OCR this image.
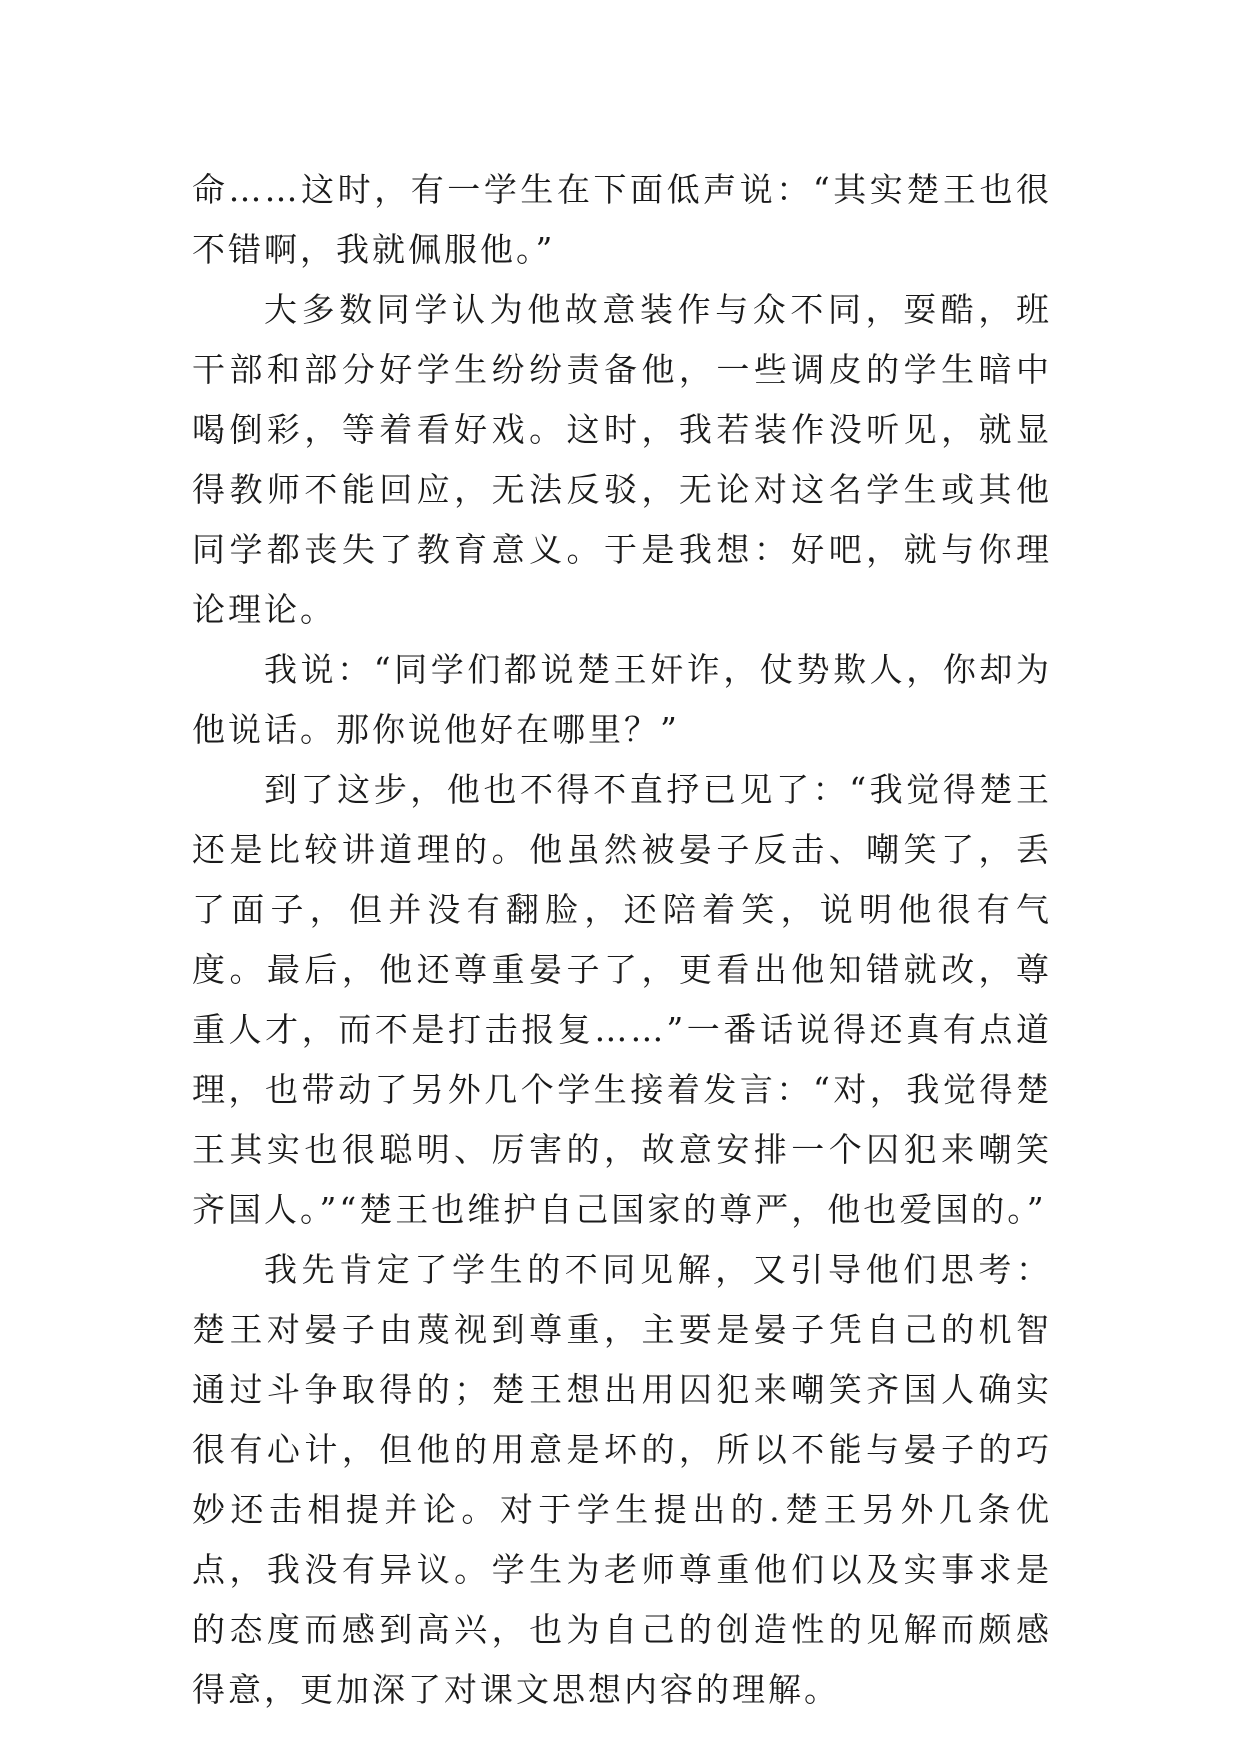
命……这时，有一学生在下面低声说：“其实楚王也很不错啊，我就佩服他。”

大多数同学认为他故意装作与众不同，耍酷，班干部和部分好学生纷纷责备他，一些调皮的学生暗中喝倒彩，等着看好戏。这时，我若装作没听见，就显得教师不能回应，无法反驳，无论对这名学生或其他同学都丧失了教育意义。于是我想：好吧，就与你理论理论。

我说：“同学们都说楚王奸诈，仗势欺人，你却为他说话。那你说他好在哪里？”

到了这步，他也不得不直抒已见了：“我觉得楚王还是比较讲道理的。他虽然被晏子反击、嘲笑了，丢了面子，但并没有翻脸，还陪着笑，说明他很有气度。最后，他还尊重晏子了，更看出他知错就改，尊重人才，而不是打击报复……”一番话说得还真有点道理，也带动了另外几个学生接着发言：“对，我觉得楚王其实也很聪明、厉害的，故意安排一个囚犯来嘲笑齐国人。”“楚王也维护自己国家的尊严，他也爱国的。”

我先肯定了学生的不同见解，又引导他们思考：楚王对晏子由蔑视到尊重，主要是晏子凭自己的机智通过斗争取得的；楚王想出用囚犯来嘲笑齐国人确实很有心计，但他的用意是坏的，所以不能与晏子的巧妙还击相提并论。对于学生提出的.楚王另外几条优点，我没有异议。学生为老师尊重他们以及实事求是的态度而感到高兴，也为自己的创造性的见解而颇感得意，更加深了对课文思想内容的理解。
